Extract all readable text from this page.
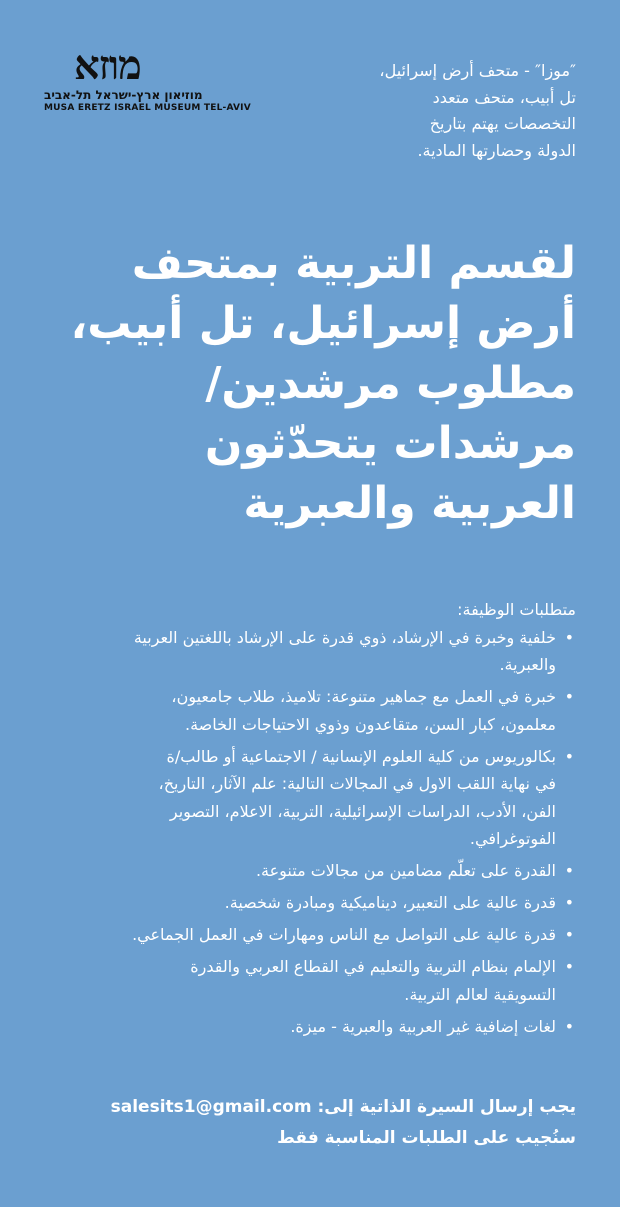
מוזא
מוזיאון ארץ-ישראל תל-אביב
MUSA ERETZ ISRAEL MUSEUM TEL-AVIV

″موزا″ - متحف أرض إسرائيل،

تل أبيب، متحف متعدد

التخصصات يهتم بتاريخ

الدولة وحضارتها المادية.

لقسم التربية بمتحف

أرض إسرائيل، تل أبيب،

مطلوب مرشدين/

مرشدات يتحدّثون

العربية والعبرية

متطلبات الوظيفة:

•

خلفية وخبرة في الإرشاد، ذوي قدرة على الإرشاد باللغتين العربية

والعبرية.

•

خبرة في العمل مع جماهير متنوعة: تلاميذ، طلاب جامعيون،

معلمون، كبار السن، متقاعدون وذوي الاحتياجات الخاصة.

•

بكالوريوس من كلية العلوم الإنسانية / الاجتماعية أو طالب/ة

في نهاية اللقب الاول في المجالات التالية: علم الآثار، التاريخ،

الفن، الأدب، الدراسات الإسرائيلية، التربية، الاعلام، التصوير

الفوتوغرافي.

•

القدرة على تعلّم مضامين من مجالات متنوعة.

•

قدرة عالية على التعبير، ديناميكية ومبادرة شخصية.

•

قدرة عالية على التواصل مع الناس ومهارات في العمل الجماعي.

•

الإلمام بنظام التربية والتعليم في القطاع العربي والقدرة

التسويقية لعالم التربية.

•

لغات إضافية غير العربية والعبرية - ميزة.

يجب إرسال السيرة الذاتية إلى: salesits1@gmail.com

سنُجيب على الطلبات المناسبة فقط
